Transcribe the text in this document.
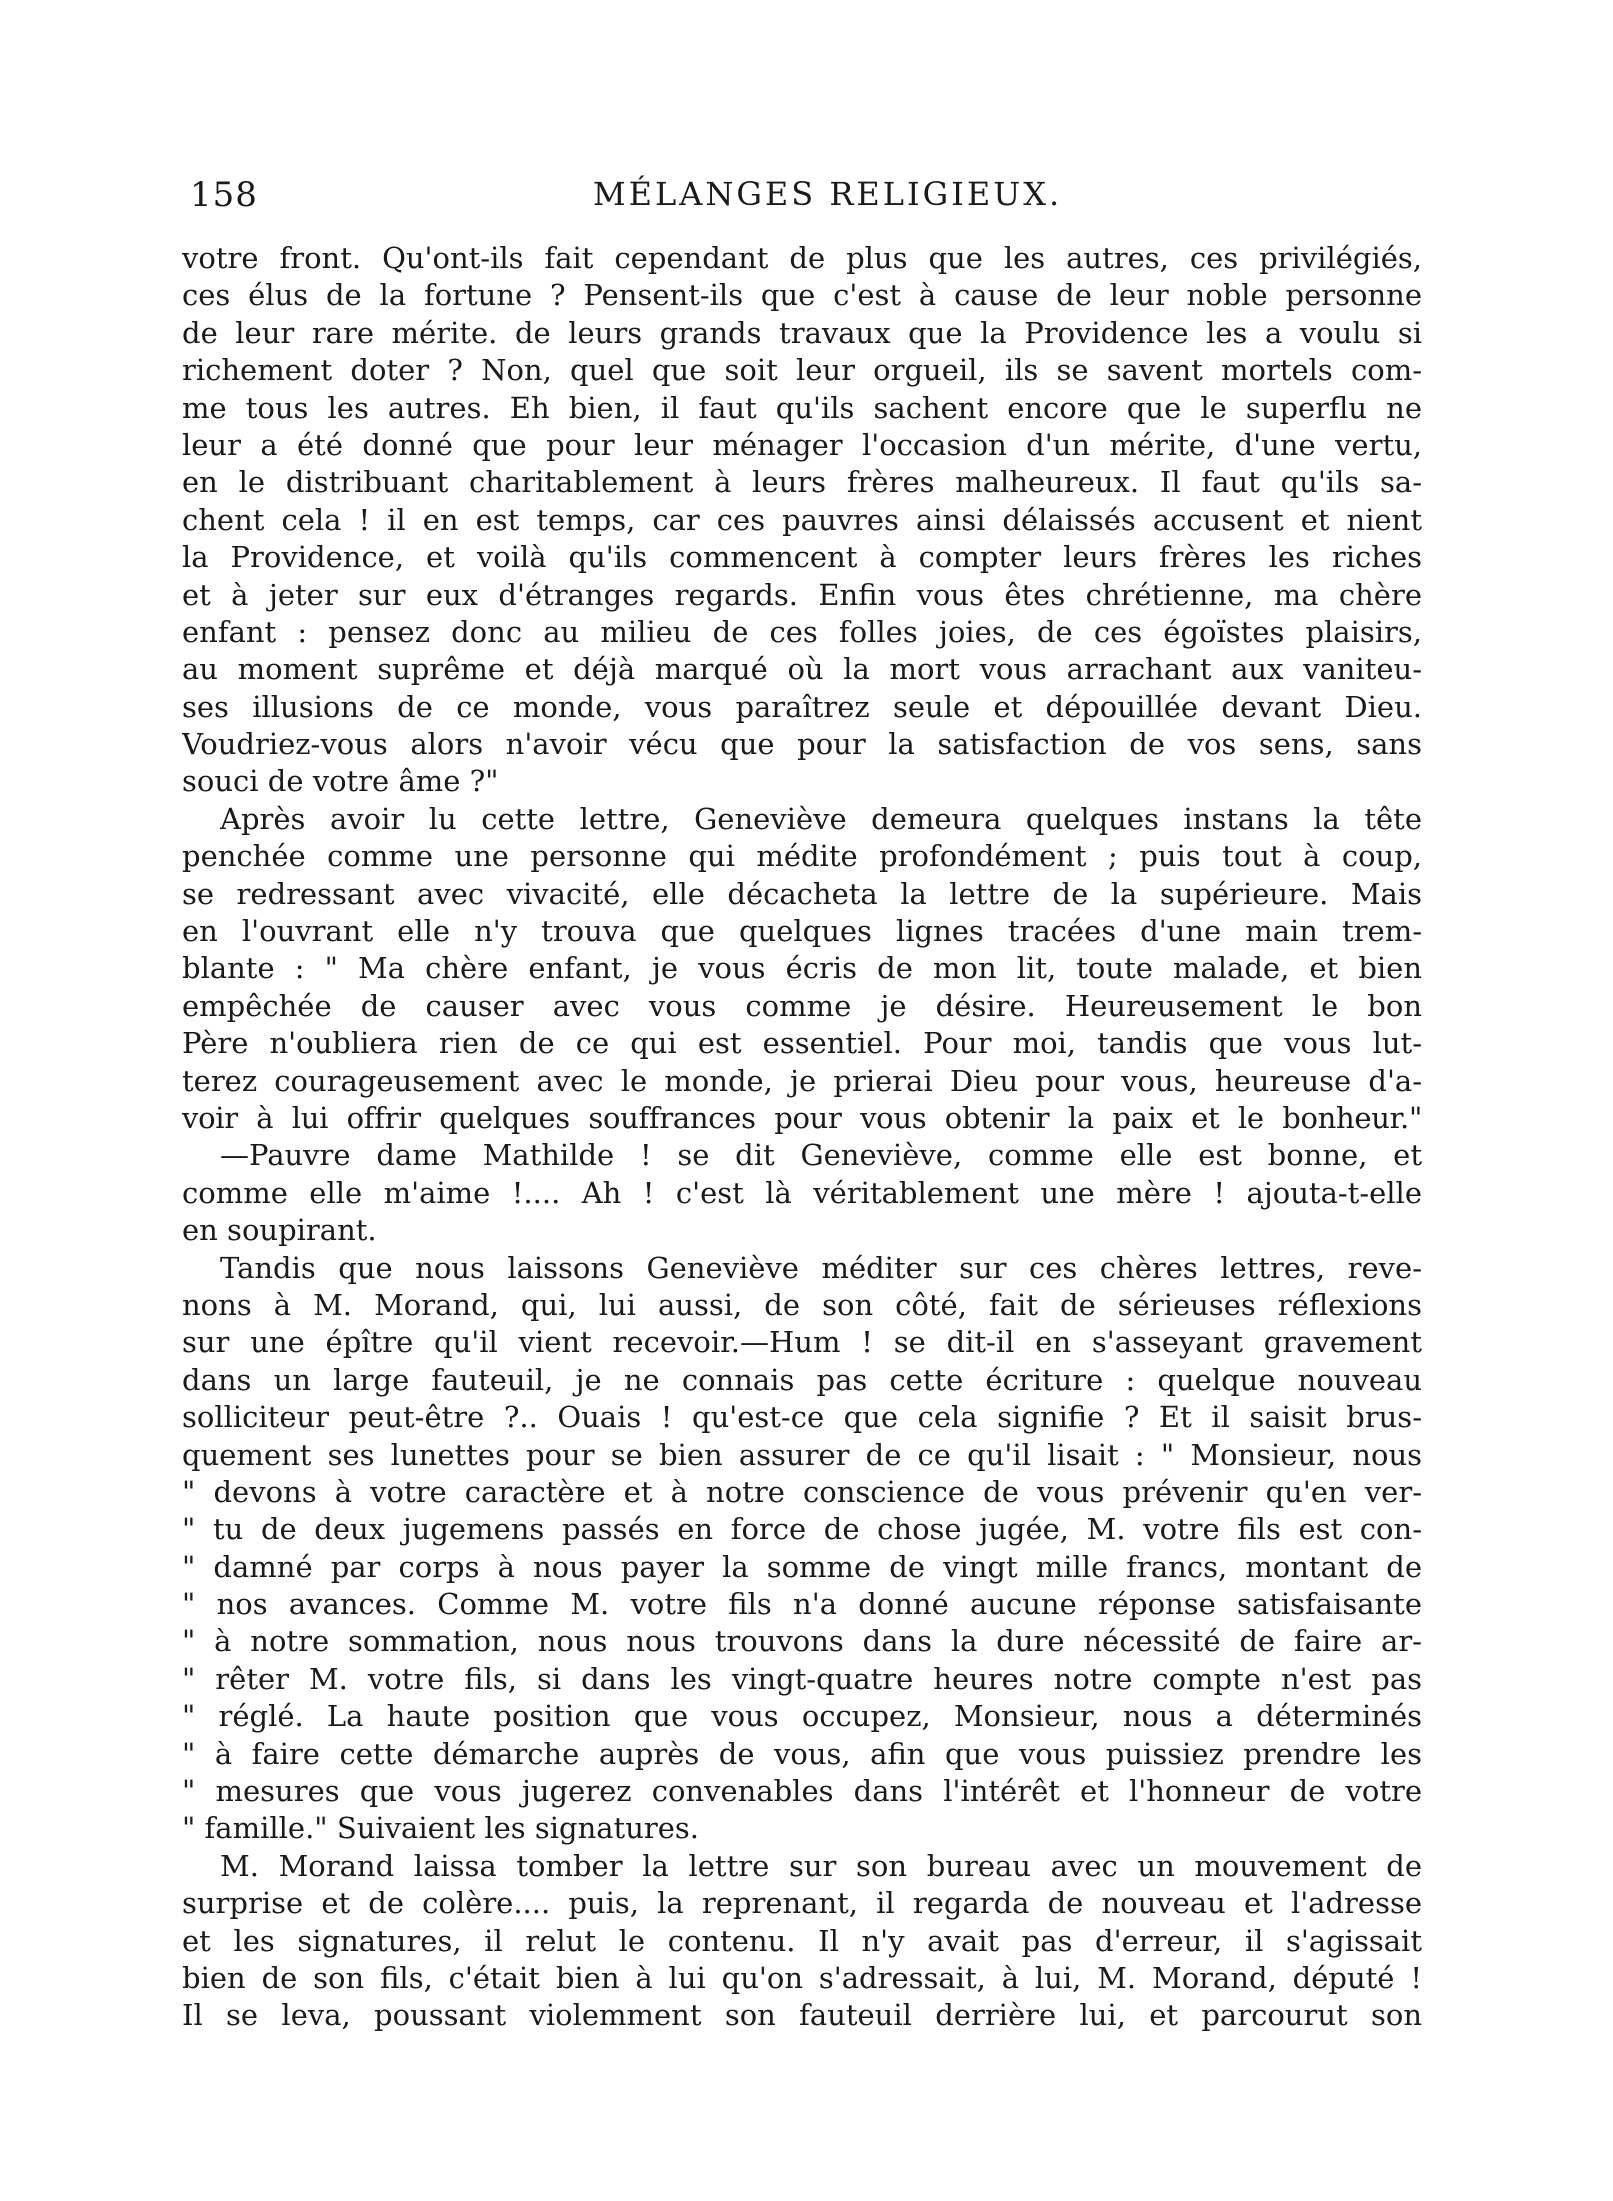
158	MÉLANGES RELIGIEUX.
votre front. Qu'ont-ils fait cependant de plus que les autres, ces privilégiés,
ces élus de la fortune ? Pensent-ils que c'est à cause de leur noble personne
de leur rare mérite. de leurs grands travaux que la Providence les a voulu si
richement doter ? Non, quel que soit leur orgueil, ils se savent mortels com-
me tous les autres. Eh bien, il faut qu'ils sachent encore que le superflu ne
leur a été donné que pour leur ménager l'occasion d'un mérite, d'une vertu,
en le distribuant charitablement à leurs frères malheureux. Il faut qu'ils sa-
chent cela ! il en est temps, car ces pauvres ainsi délaissés accusent et nient
la Providence, et voilà qu'ils commencent à compter leurs frères les riches
et à jeter sur eux d'étranges regards. Enfin vous êtes chrétienne, ma chère
enfant : pensez donc au milieu de ces folles joies, de ces égoïstes plaisirs,
au moment suprême et déjà marqué où la mort vous arrachant aux vaniteu-
ses illusions de ce monde, vous paraîtrez seule et dépouillée devant Dieu.
Voudriez-vous alors n'avoir vécu que pour la satisfaction de vos sens, sans
souci de votre âme ?"
Après avoir lu cette lettre, Geneviève demeura quelques instans la tête
penchée comme une personne qui médite profondément ; puis tout à coup,
se redressant avec vivacité, elle décacheta la lettre de la supérieure. Mais
en l'ouvrant elle n'y trouva que quelques lignes tracées d'une main trem-
blante : " Ma chère enfant, je vous écris de mon lit, toute malade, et bien
empêchée de causer avec vous comme je désire. Heureusement le bon
Père n'oubliera rien de ce qui est essentiel. Pour moi, tandis que vous lut-
terez courageusement avec le monde, je prierai Dieu pour vous, heureuse d'a-
voir à lui offrir quelques souffrances pour vous obtenir la paix et le bonheur."
—Pauvre dame Mathilde ! se dit Geneviève, comme elle est bonne, et
comme elle m'aime !.... Ah ! c'est là véritablement une mère ! ajouta-t-elle
en soupirant.
Tandis que nous laissons Geneviève méditer sur ces chères lettres, reve-
nons à M. Morand, qui, lui aussi, de son côté, fait de sérieuses réflexions
sur une épître qu'il vient recevoir.—Hum ! se dit-il en s'asseyant gravement
dans un large fauteuil, je ne connais pas cette écriture : quelque nouveau
solliciteur peut-être ?.. Ouais ! qu'est-ce que cela signifie ? Et il saisit brus-
quement ses lunettes pour se bien assurer de ce qu'il lisait : " Monsieur, nous
" devons à votre caractère et à notre conscience de vous prévenir qu'en ver-
" tu de deux jugemens passés en force de chose jugée, M. votre fils est con-
" damné par corps à nous payer la somme de vingt mille francs, montant de
" nos avances. Comme M. votre fils n'a donné aucune réponse satisfaisante
" à notre sommation, nous nous trouvons dans la dure nécessité de faire ar-
" rêter M. votre fils, si dans les vingt-quatre heures notre compte n'est pas
" réglé. La haute position que vous occupez, Monsieur, nous a déterminés
" à faire cette démarche auprès de vous, afin que vous puissiez prendre les
" mesures que vous jugerez convenables dans l'intérêt et l'honneur de votre
" famille." Suivaient les signatures.
M. Morand laissa tomber la lettre sur son bureau avec un mouvement de
surprise et de colère.... puis, la reprenant, il regarda de nouveau et l'adresse
et les signatures, il relut le contenu. Il n'y avait pas d'erreur, il s'agissait
bien de son fils, c'était bien à lui qu'on s'adressait, à lui, M. Morand, député !
Il se leva, poussant violemment son fauteuil derrière lui, et parcourut son
